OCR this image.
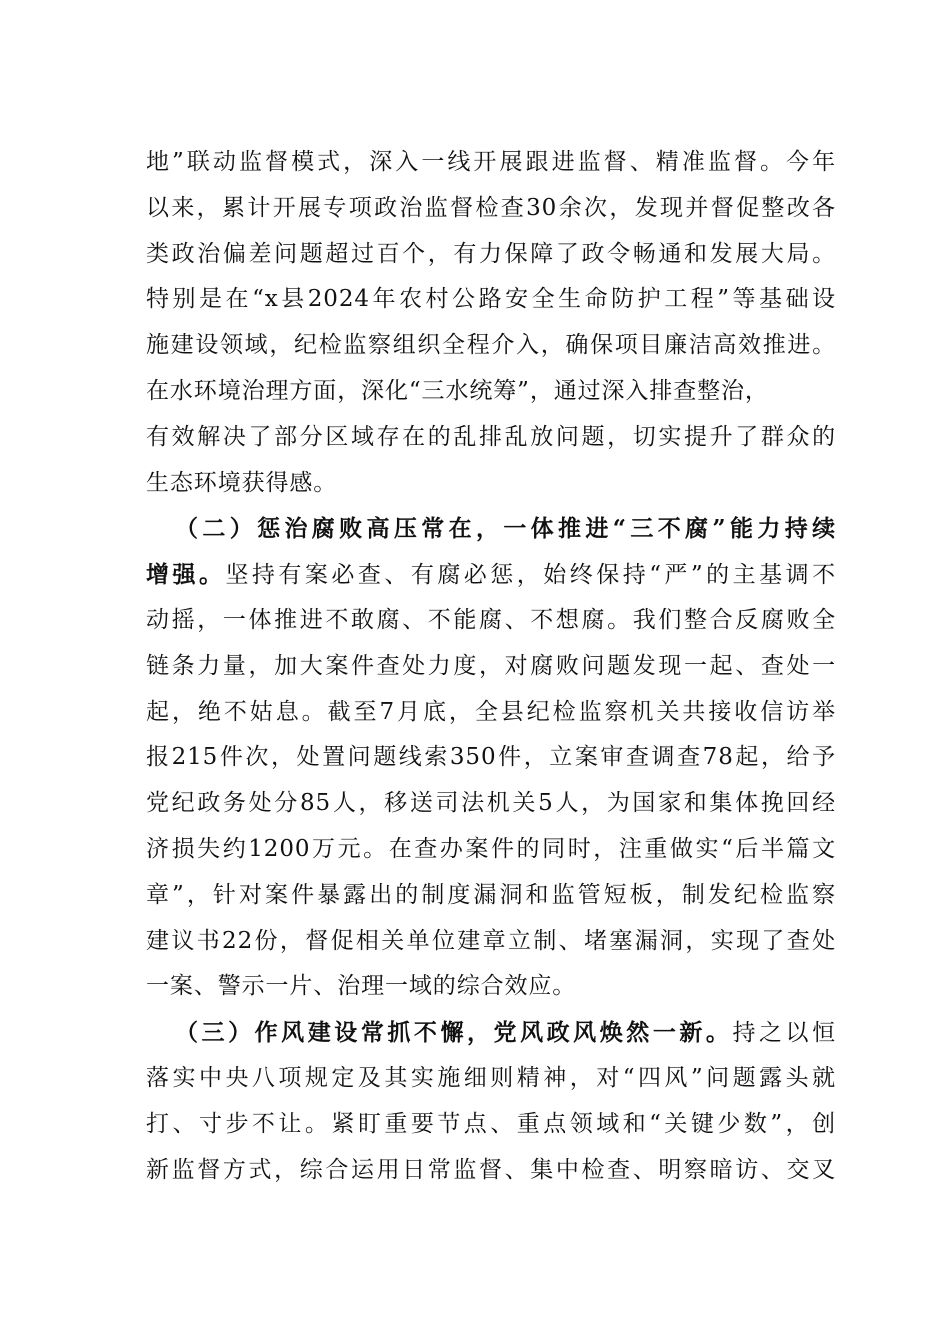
地”联动监督模式，深入一线开展跟进监督、精准监督。今年
以来，累计开展专项政治监督检查30余次，发现并督促整改各
类政治偏差问题超过百个，有力保障了政令畅通和发展大局。
特别是在“x县2024年农村公路安全生命防护工程”等基础设
施建设领域，纪检监察组织全程介入，确保项目廉洁高效推进。
在水环境治理方面，深化“三水统筹”，通过深入排查整治，
有效解决了部分区域存在的乱排乱放问题，切实提升了群众的
生态环境获得感。
（二）惩治腐败高压常在，一体推进“三不腐”能力持续
增强。坚持有案必查、有腐必惩，始终保持“严”的主基调不
动摇，一体推进不敢腐、不能腐、不想腐。我们整合反腐败全
链条力量，加大案件查处力度，对腐败问题发现一起、查处一
起，绝不姑息。截至7月底，全县纪检监察机关共接收信访举
报215件次，处置问题线索350件，立案审查调查78起，给予
党纪政务处分85人，移送司法机关5人，为国家和集体挽回经
济损失约1200万元。在查办案件的同时，注重做实“后半篇文
章”，针对案件暴露出的制度漏洞和监管短板，制发纪检监察
建议书22份，督促相关单位建章立制、堵塞漏洞，实现了查处
一案、警示一片、治理一域的综合效应。
（三）作风建设常抓不懈，党风政风焕然一新。持之以恒
落实中央八项规定及其实施细则精神，对“四风”问题露头就
打、寸步不让。紧盯重要节点、重点领域和“关键少数”，创
新监督方式，综合运用日常监督、集中检查、明察暗访、交叉
